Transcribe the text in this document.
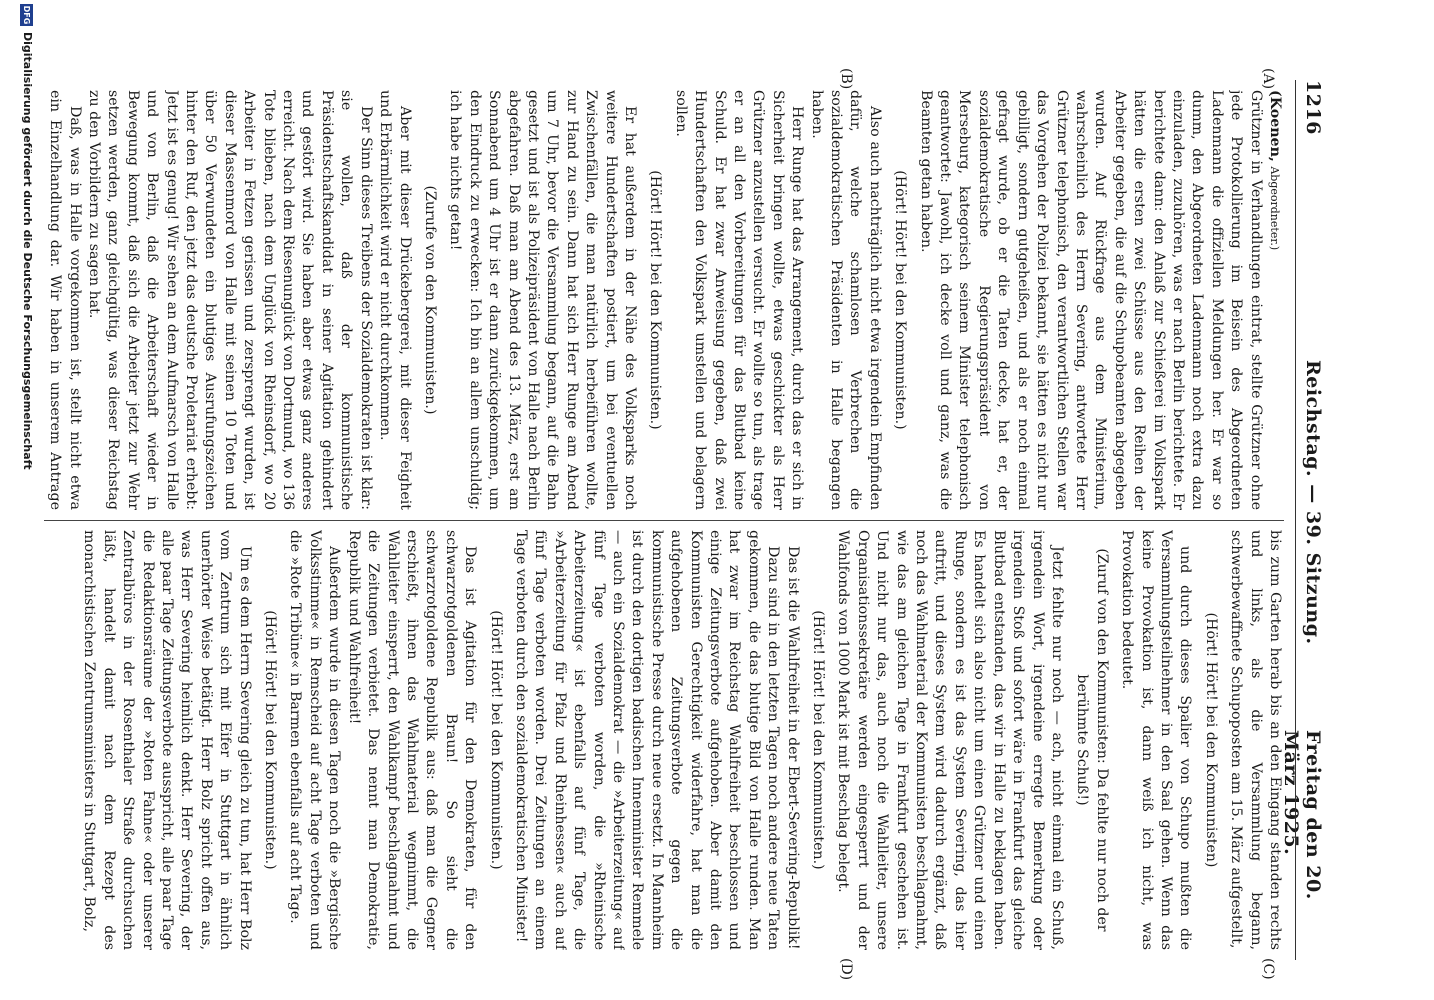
1216
Reichstag. — 39. Sitzung.
Freitag den 20. März 1925.
(A)
(B)
(C)
(D)

(Koenen, Abgeordneter.)

Grützner in Verhandlungen eintrat, stellte Grützner ohne jede Protokollierung im Beisein des Abgeordneten Ladenmann die offiziellen Meldungen her. Er war so dumm, den Abgeordneten Ladenmann noch extra dazu einzuladen, zuzuhören, was er nach Berlin berichtete. Er berichtete dann: den Anlaß zur Schießerei im Volkspark hätten die ersten zwei Schüsse aus den Reihen der Arbeiter gegeben, die auf die Schupobeamten abgegeben wurden. Auf Rückfrage aus dem Ministerium, wahrscheinlich des Herrn Severing, antwortete Herr Grützner telephonisch, den verantwortlichen Stellen war das Vorgehen der Polizei bekannt, sie hätten es nicht nur gebilligt, sondern gutgeheißen, und als er noch einmal gefragt wurde, ob er die Taten decke, hat er, der sozialdemokratische Regierungspräsident von Merseburg, kategorisch seinem Minister telephonisch geantwortet: Jawohl, ich decke voll und ganz, was die Beamten getan haben.

(Hört! Hört! bei den Kommunisten.)

Also auch nachträglich nicht etwa irgendein Empfinden dafür, welche schamlosen Verbrechen die sozialdemokratischen Präsidenten in Halle begangen haben.

Herr Runge hat das Arrangement, durch das er sich in Sicherheit bringen wollte, etwas geschickter als Herr Grützner anzustellen versucht. Er wollte so tun, als trage er an all den Vorbereitungen für das Blutbad keine Schuld. Er hat zwar Anweisung gegeben, daß zwei Hundertschaften den Volkspark umstellen und belagern sollen.

(Hört! Hört! bei den Kommunisten.)

Er hat außerdem in der Nähe des Volksparks noch weitere Hundertschaften postiert, um bei eventuellen Zwischenfällen, die man natürlich herbeiführen wollte, zur Hand zu sein. Dann hat sich Herr Runge am Abend um 7 Uhr, bevor die Versammlung begann, auf die Bahn gesetzt und ist als Polizeipräsident von Halle nach Berlin abgefahren. Daß man am Abend des 13. März, erst am Sonnabend um 4 Uhr ist er dann zurückgekommen, um den Eindruck zu erwecken: Ich bin an allem unschuldig; ich habe nichts getan!

(Zurufe von den Kommunisten.)

Aber mit dieser Drückebergerei, mit dieser Feigheit und Erbärmlichkeit wird er nicht durchkommen.

Der Sinn dieses Treibens der Sozialdemokraten ist klar: sie wollen, daß der kommunistische Präsidentschaftskandidat in seiner Agitation gehindert und gestört wird. Sie haben aber etwas ganz anderes erreicht. Nach dem Riesenunglück von Dortmund, wo 136 Tote blieben, nach dem Unglück von Rheinsdorf, wo 20 Arbeiter in Fetzen gerissen und zersprengt wurden, ist dieser Massenmord von Halle mit seinen 10 Toten und über 50 Verwundeten ein blutiges Ausrufungszeichen hinter den Ruf, den jetzt das deutsche Proletariat erhebt: Jetzt ist es genug! Wir sehen an dem Aufmarsch von Halle und von Berlin, daß die Arbeiterschaft wieder in Bewegung kommt, daß sich die Arbeiter jetzt zur Wehr setzen werden, ganz gleichgültig, was dieser Reichstag zu den Vorbildern zu sagen hat.

Daß, was in Halle vorgekommen ist, stellt nicht etwa ein Einzelhandlung dar. Wir haben in unserem Antrage

bis zum Garten herab bis an den Eingang standen rechts und links, als die Versammlung begann, schwerbewaffnete Schupoposten am 15. März aufgestellt,

(Hört! Hört! bei den Kommunisten)

und durch dieses Spalier von Schupo mußten die Versammlungsteilnehmer in den Saal gehen. Wenn das keine Provokation ist, dann weiß ich nicht, was Provokation bedeutet.

(Zuruf von den Kommunisten: Da fehlte nur noch der berühmte Schuß!)

Jetzt fehlte nur noch — ach, nicht einmal ein Schuß, irgendein Wort, irgendeine erregte Bemerkung oder irgendein Stoß und sofort wäre in Frankfurt das gleiche Blutbad entstanden, das wir in Halle zu beklagen haben. Es handelt sich also nicht um einen Grützner und einen Runge, sondern es ist das System Severing, das hier auftritt, und dieses System wird dadurch ergänzt, daß noch das Wahlmaterial der Kommunisten beschlagnahmt, wie das am gleichen Tage in Frankfurt geschehen ist. Und nicht nur das, auch noch die Wahlleiter, unsere Organisationssekretäre werden eingesperrt und der Wahlfonds von 1000 Mark ist mit Beschlag belegt.

(Hört! Hört! bei den Kommunisten.)

Das ist die Wahlfreiheit in der Ebert-Severing-Republik!

Dazu sind in den letzten Tagen noch andere neue Taten gekommen, die das blutige Bild von Halle runden. Man hat zwar im Reichstag Wahlfreiheit beschlossen und einige Zeitungsverbote aufgehoben. Aber damit den Kommunisten Gerechtigkeit widerfahre, hat man die aufgehobenen Zeitungsverbote gegen die kommunistische Presse durch neue ersetzt. In Mannheim ist durch den dortigen badischen Innenminister Remmele — auch ein Sozialdemokrat — die »Arbeiterzeitung« auf fünf Tage verboten worden, die »Rheinische Arbeiterzeitung« ist ebenfalls auf fünf Tage, die »Arbeiterzeitung für Pfalz und Rheinhessen« auch auf fünf Tage verboten worden. Drei Zeitungen an einem Tage verboten durch den sozialdemokratischen Minister!

(Hört! Hört! bei den Kommunisten.)

Das ist Agitation für den Demokraten, für den schwarzrotgoldenen Braun! So sieht die schwarzrotgoldene Republik aus: daß man die Gegner erschießt, ihnen das Wahlmaterial wegnimmt, die Wahlleiter einsperrt, den Wahlkampf beschlagnahmt und die Zeitungen verbietet. Das nennt man Demokratie, Republik und Wahlfreiheit!

Außerdem wurde in diesen Tagen noch die »Bergische Volksstimme« in Remscheid auf acht Tage verboten und die »Rote Tribüne« in Barmen ebenfalls auf acht Tage.

(Hört! Hört! bei den Kommunisten.)

Um es dem Herrn Severing gleich zu tun, hat Herr Bolz vom Zentrum sich mit Eifer in Stuttgart in ähnlich unerhörter Weise betätigt. Herr Bolz spricht offen aus, was Herr Severing heimlich denkt. Herr Severing, der alle paar Tage Zeitungsverbote ausspricht, alle paar Tage die Redaktionsräume der »Roten Fahne« oder unserer Zentralbüros in der Rosenthaler Straße durchsuchen läßt, handelt damit nach dem Rezept des monarchistischen Zentrumsministers in Stuttgart, Bolz,

DFGDigitalisierung gefördert durch die Deutsche Forschungsgemeinschaft
